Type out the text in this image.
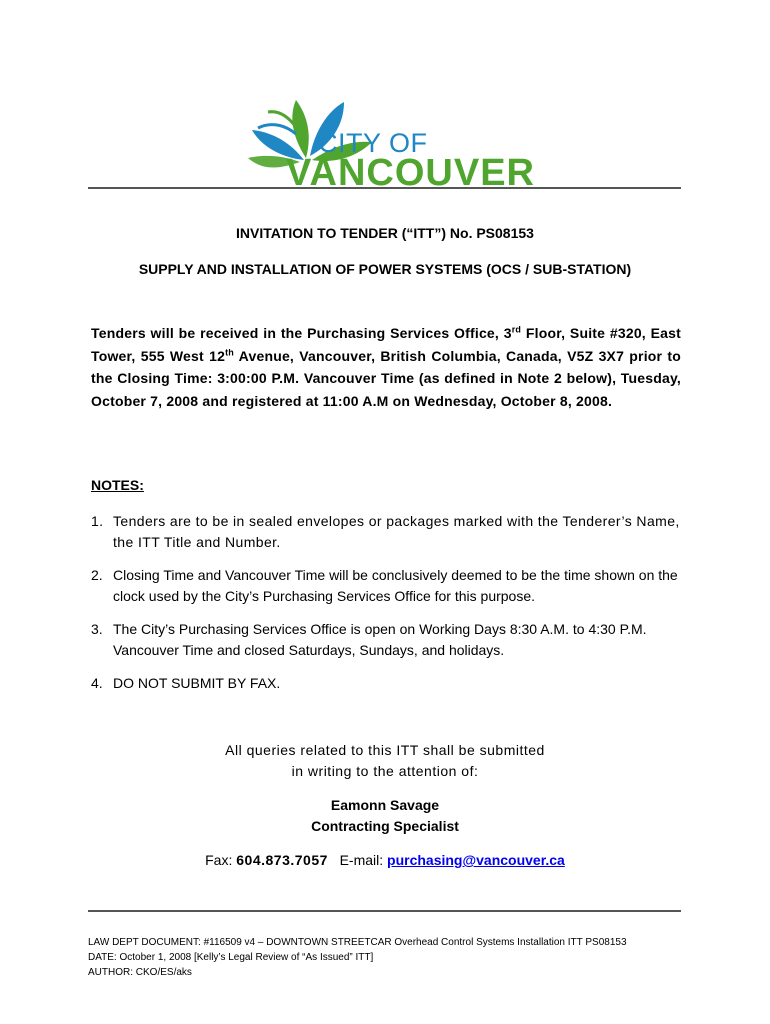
CITY OF
VANCOUVER
INVITATION TO TENDER (“ITT”) No. PS08153
SUPPLY AND INSTALLATION OF POWER SYSTEMS (OCS / SUB-STATION)
Tenders will be received in the Purchasing Services Office, 3rd Floor, Suite #320, East Tower, 555 West 12th Avenue, Vancouver, British Columbia, Canada, V5Z 3X7 prior to the Closing Time: 3:00:00 P.M. Vancouver Time (as defined in Note 2 below), Tuesday, October 7, 2008 and registered at 11:00 A.M on Wednesday, October 8, 2008.
NOTES:
1. Tenders are to be in sealed envelopes or packages marked with the Tenderer’s Name, the ITT Title and Number.
2. Closing Time and Vancouver Time will be conclusively deemed to be the time shown on the clock used by the City’s Purchasing Services Office for this purpose.
3. The City’s Purchasing Services Office is open on Working Days 8:30 A.M. to 4:30 P.M. Vancouver Time and closed Saturdays, Sundays, and holidays.
4. DO NOT SUBMIT BY FAX.
All queries related to this ITT shall be submitted
in writing to the attention of:
Eamonn Savage
Contracting Specialist
Fax: 604.873.7057 E-mail: purchasing@vancouver.ca
LAW DEPT DOCUMENT: #116509 v4 – DOWNTOWN STREETCAR Overhead Control Systems Installation ITT PS08153
DATE: October 1, 2008 [Kelly’s Legal Review of “As Issued” ITT]
AUTHOR: CKO/ES/aks
